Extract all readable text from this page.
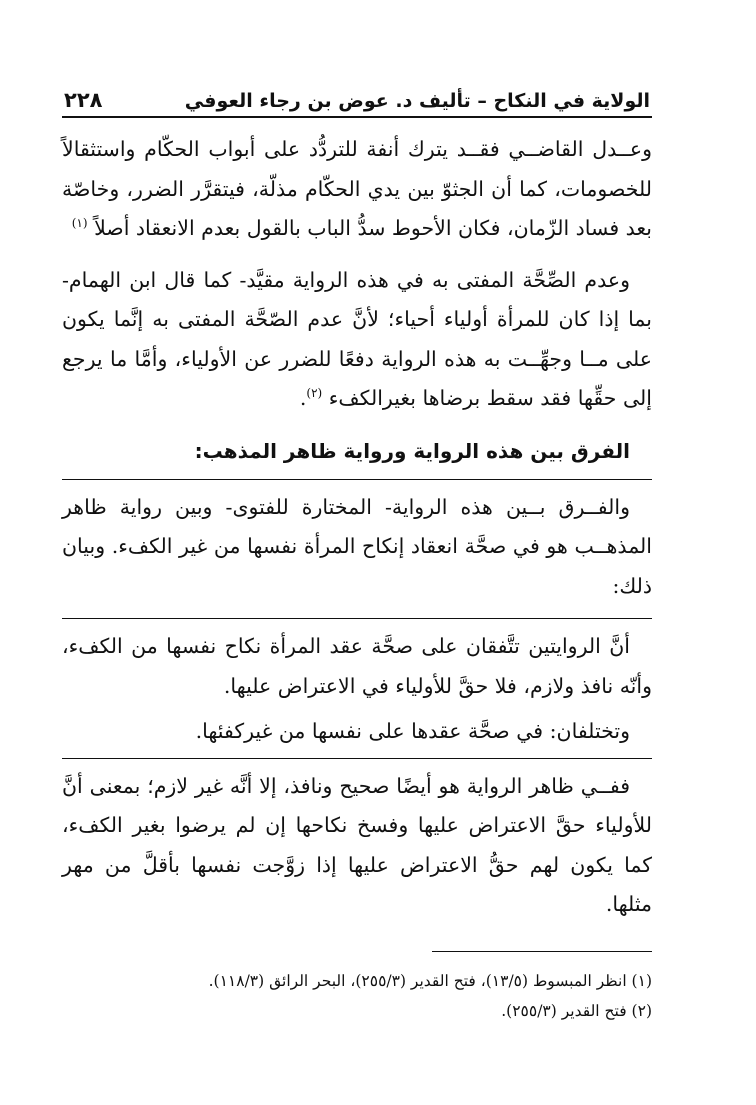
الولاية في النكاح – تأليف د. عوض بن رجاء العوفي
٢٢٨

وعــدل القاضــي فقــد يترك أنفة للتردُّد على أبواب الحكّام واستثقالاً للخصومات، كما أن الجثوّ بين يدي الحكّام مذلّة، فيتقرَّر الضرر، وخاصّة بعد فساد الزّمان، فكان الأحوط سدُّ الباب بالقول بعدم الانعقاد أصلاً $^{(١)}$

وعدم الصِّحَّة المفتى به في هذه الرواية مقيَّد- كما قال ابن الهمام- بما إذا كان للمرأة أولياء أحياء؛ لأنَّ عدم الصّحَّة المفتى به إنَّما يكون على مــا وجهِّــت به هذه الرواية دفعًا للضرر عن الأولياء، وأمَّا ما يرجع إلى حقِّها فقد سقط برضاها بغيرالكفء $^{(٢)}$.

الفرق بين هذه الرواية ورواية ظاهر المذهب:

والفــرق بــين هذه الرواية- المختارة للفتوى- وبين رواية ظاهر المذهــب هو في صحَّة انعقاد إنكاح المرأة نفسها من غير الكفء. وبيان ذلك:

أنَّ الروايتين تتَّفقان على صحَّة عقد المرأة نكاح نفسها من الكفء، وأنّه نافذ ولازم، فلا حقَّ للأولياء في الاعتراض عليها.

وتختلفان: في صحَّة عقدها على نفسها من غيركفئها.

ففــي ظاهر الرواية هو أيضًا صحيح ونافذ، إلا أنَّه غير لازم؛ بمعنى أنَّ للأولياء حقَّ الاعتراض عليها وفسخ نكاحها إن لم يرضوا بغير الكفء، كما يكون لهم حقُّ الاعتراض عليها إذا زوَّجت نفسها بأقلَّ من مهر مثلها.

(١) انظر المبسوط (١٣/٥)، فتح القدير (٢٥٥/٣)، البحر الرائق (١١٨/٣).

(٢) فتح القدير (٢٥٥/٣).
